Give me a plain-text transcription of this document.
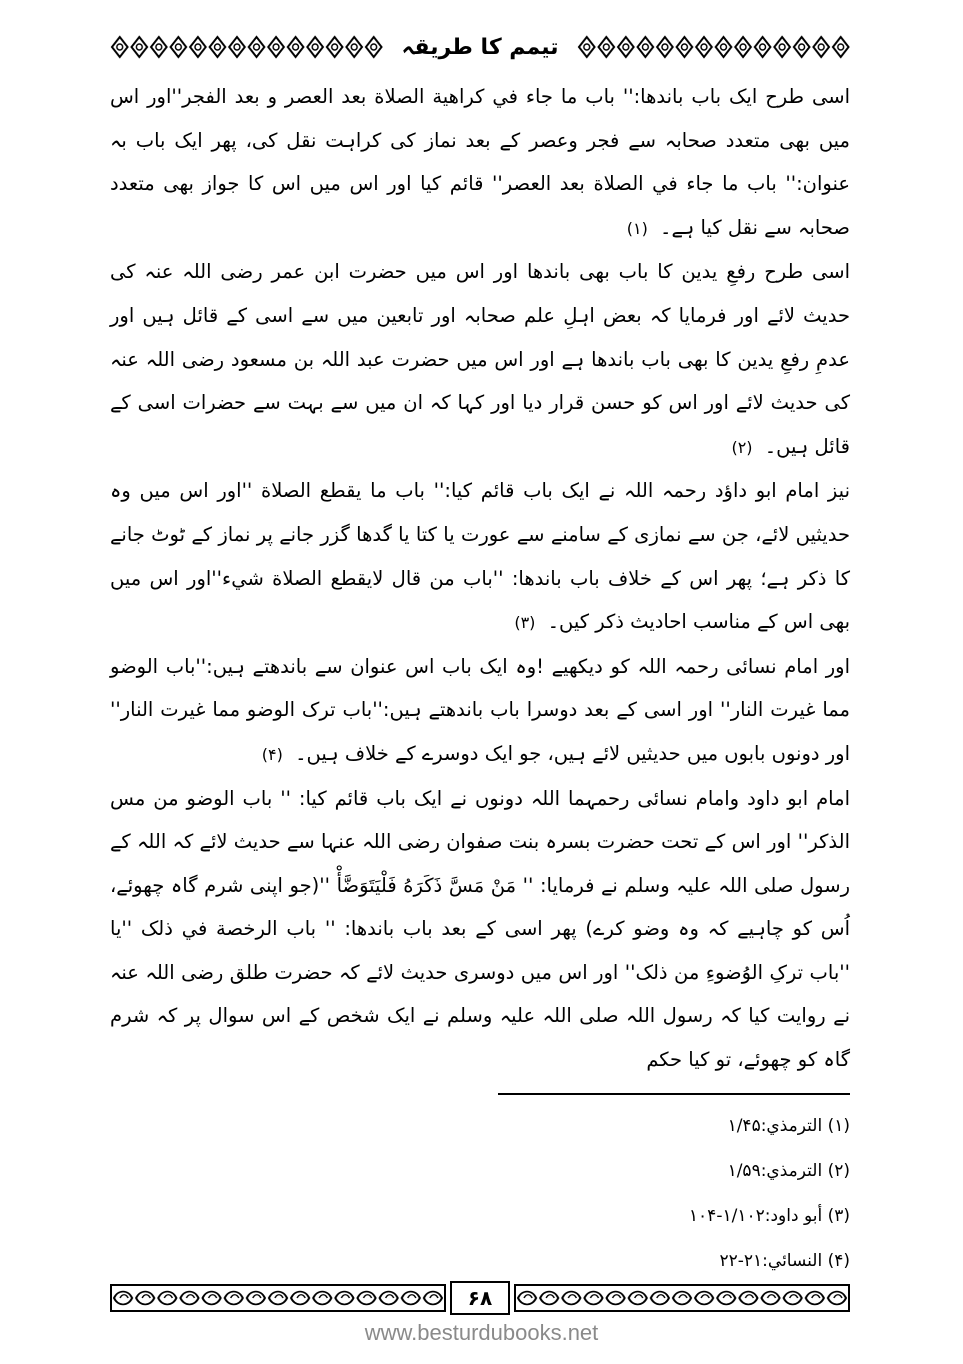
تیمم کا طریقہ

اسی طرح ایک باب باندھا:'' باب ما جاء في كراهية الصلاة بعد العصر و بعد الفجر''اور اس میں بھی متعدد صحابہ سے فجر وعصر کے بعد نماز کی کراہت نقل کی، پھر ایک باب بہ عنوان:'' باب ما جاء في الصلاة بعد العصر'' قائم کیا اور اس میں اس کا جواز بھی متعدد صحابہ سے نقل کیا ہے۔ (۱)

اسی طرح رفعِ یدین کا باب بھی باندھا اور اس میں حضرت ابن عمر رضی اللہ عنہ کی حدیث لائے اور فرمایا کہ بعض اہلِ علم صحابہ اور تابعین میں سے اسی کے قائل ہیں اور عدمِ رفعِ یدین کا بھی باب باندھا ہے اور اس میں حضرت عبد اللہ بن مسعود رضی اللہ عنہ کی حدیث لائے اور اس کو حسن قرار دیا اور کہا کہ ان میں سے بہت سے حضرات اسی کے قائل ہیں۔ (۲)

نیز امام ابو داؤد رحمہ اللہ نے ایک باب قائم کیا:'' باب ما يقطع الصلاة ''اور اس میں وہ حدیثیں لائے، جن سے نمازی کے سامنے سے عورت یا کتا یا گدھا گزر جانے پر نماز کے ٹوٹ جانے کا ذکر ہے؛ پھر اس کے خلاف باب باندھا: ''باب من قال لايقطع الصلاة شيء''اور اس میں بھی اس کے مناسب احادیث ذکر کیں۔ (۳)

اور امام نسائی رحمہ اللہ کو دیکھیے !وہ ایک باب اس عنوان سے باندھتے ہیں:''باب الوضو مما غيرت النار'' اور اسی کے بعد دوسرا باب باندھتے ہیں:''باب ترک الوضو مما غيرت النار'' اور دونوں بابوں میں حدیثیں لائے ہیں، جو ایک دوسرے کے خلاف ہیں۔ (۴)

امام ابو داود وامام نسائی رحمہما اللہ دونوں نے ایک باب قائم کیا: '' باب الوضو من مس الذكر'' اور اس کے تحت حضرت بسرہ بنت صفوان رضی اللہ عنہا سے حدیث لائے کہ اللہ کے رسول صلی اللہ علیہ وسلم نے فرمایا: '' مَنْ مَسَّ ذَكَرَهُ فَلْيَتَوَضَّأْ ''(جو اپنی شرم گاہ چھوئے، اُس کو چاہیے کہ وہ وضو کرے) پھر اسی کے بعد باب باندھا: '' باب الرخصة في ذلک ''یا ''باب ترکِ الوُضوءِ من ذلک'' اور اس میں دوسری حدیث لائے کہ حضرت طلق رضی اللہ عنہ نے روایت کیا کہ رسول اللہ صلی اللہ علیہ وسلم نے ایک شخص کے اس سوال پر کہ شرم گاہ کو چھوئے، تو کیا حکم

(۱) الترمذي:۱/۴۵
(۲) الترمذي:۱/۵۹
(۳) أبو داود:۱/۱۰۲-۱۰۴
(۴) النسائي:۲۱-۲۲
۶۸
www.besturdubooks.net
